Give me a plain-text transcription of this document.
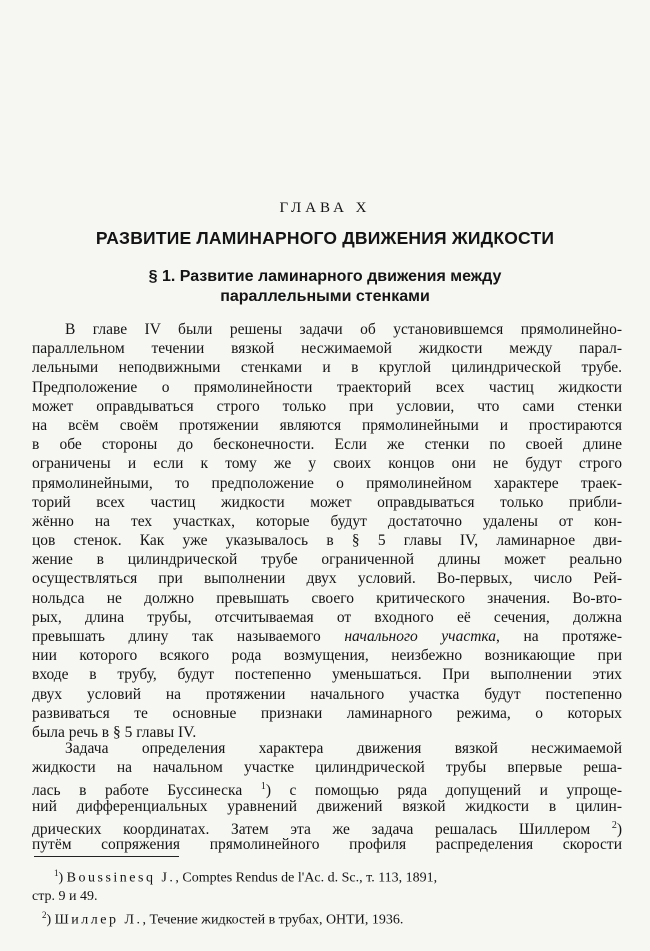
ГЛАВА X
РАЗВИТИЕ ЛАМИНАРНОГО ДВИЖЕНИЯ ЖИДКОСТИ
§ 1. Развитие ламинарного движения между
параллельными стенками
В главе IV были решены задачи об установившемся прямолинейно-
параллельном течении вязкой несжимаемой жидкости между парал-
лельными неподвижными стенками и в круглой цилиндрической трубе.
Предположение о прямолинейности траекторий всех частиц жидкости
может оправдываться строго только при условии, что сами стенки
на всём своём протяжении являются прямолинейными и простираются
в обе стороны до бесконечности. Если же стенки по своей длине
ограничены и если к тому же у своих концов они не будут строго
прямолинейными, то предположение о прямолинейном характере траек-
торий всех частиц жидкости может оправдываться только прибли-
жённо на тех участках, которые будут достаточно удалены от кон-
цов стенок. Как уже указывалось в § 5 главы IV, ламинарное дви-
жение в цилиндрической трубе ограниченной длины может реально
осуществляться при выполнении двух условий. Во-первых, число Рей-
нольдса не должно превышать своего критического значения. Во-вто-
рых, длина трубы, отсчитываемая от входного её сечения, должна
превышать длину так называемого начального участка, на протяже-
нии которого всякого рода возмущения, неизбежно возникающие при
входе в трубу, будут постепенно уменьшаться. При выполнении этих
двух условий на протяжении начального участка будут постепенно
развиваться те основные признаки ламинарного режима, о которых
была речь в § 5 главы IV.
Задача определения характера движения вязкой несжимаемой
жидкости на начальном участке цилиндрической трубы впервые реша-
лась в работе Буссинеска $^1$) с помощью ряда допущений и упроще-
ний дифференциальных уравнений движений вязкой жидкости в цилин-
дрических координатах. Затем эта же задача решалась Шиллером $^2$)
путём сопряжения прямолинейного профиля распределения скорости
$^1$) Boussinesq J., Comptes Rendus de l'Ac. d. Sc., т. 113, 1891,
стр. 9 и 49.
$^2$) Шиллер Л., Течение жидкостей в трубах, ОНТИ, 1936.
